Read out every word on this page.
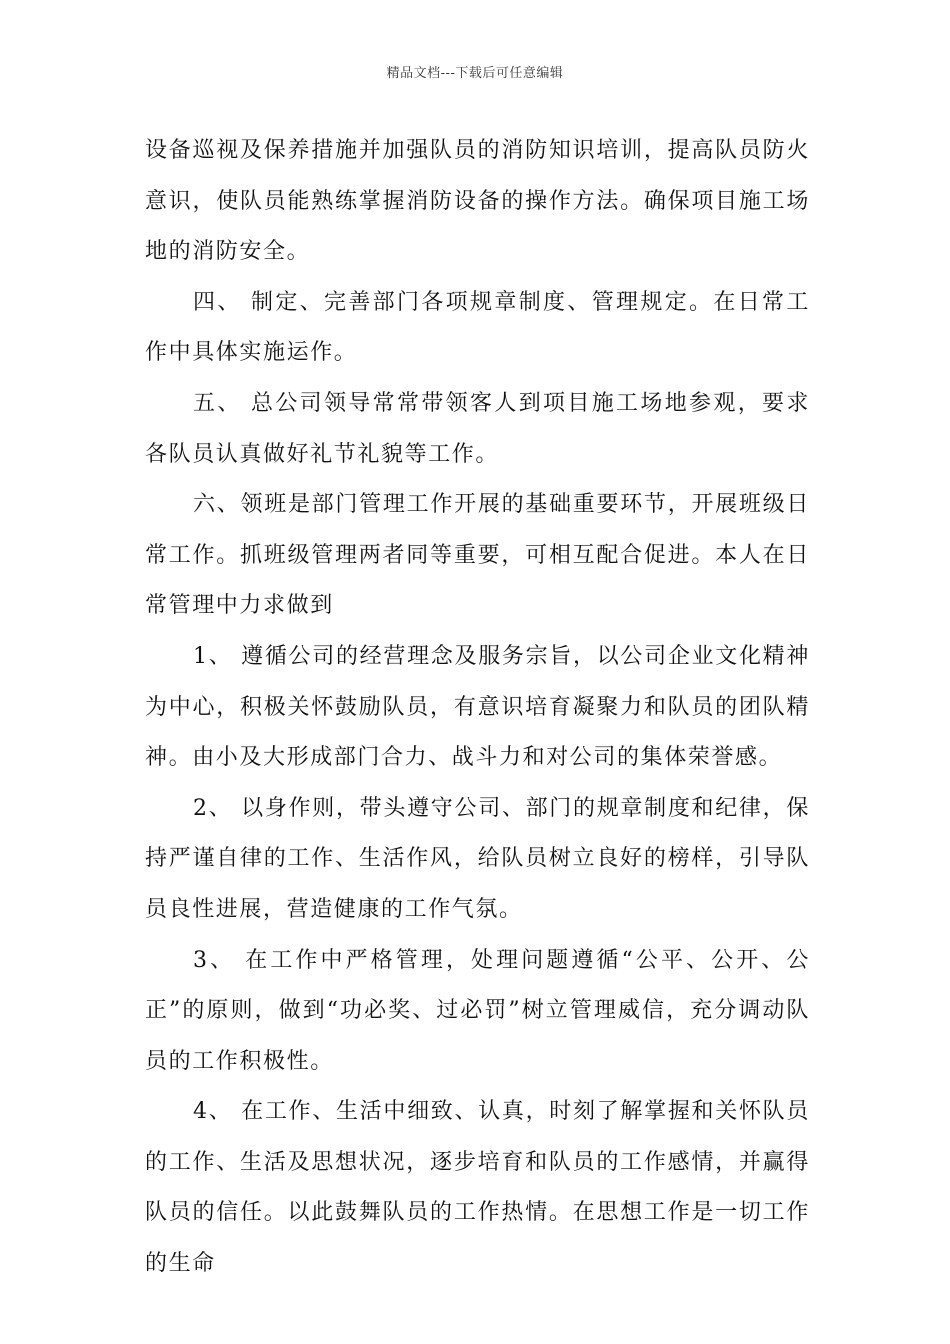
精品文档---下载后可任意编辑

设备巡视及保养措施并加强队员的消防知识培训，提高队员防火意识，使队员能熟练掌握消防设备的操作方法。确保项目施工场地的消防安全。

四、 制定、完善部门各项规章制度、管理规定。在日常工作中具体实施运作。

五、 总公司领导常常带领客人到项目施工场地参观，要求各队员认真做好礼节礼貌等工作。

六、领班是部门管理工作开展的基础重要环节，开展班级日常工作。抓班级管理两者同等重要，可相互配合促进。本人在日常管理中力求做到

1、 遵循公司的经营理念及服务宗旨，以公司企业文化精神为中心，积极关怀鼓励队员，有意识培育凝聚力和队员的团队精神。由小及大形成部门合力、战斗力和对公司的集体荣誉感。

2、 以身作则，带头遵守公司、部门的规章制度和纪律，保持严谨自律的工作、生活作风，给队员树立良好的榜样，引导队员良性进展，营造健康的工作气氛。

3、 在工作中严格管理，处理问题遵循“公平、公开、公正”的原则，做到“功必奖、过必罚”树立管理威信，充分调动队员的工作积极性。

4、 在工作、生活中细致、认真，时刻了解掌握和关怀队员的工作、生活及思想状况，逐步培育和队员的工作感情，并赢得队员的信任。以此鼓舞队员的工作热情。在思想工作是一切工作的生命
